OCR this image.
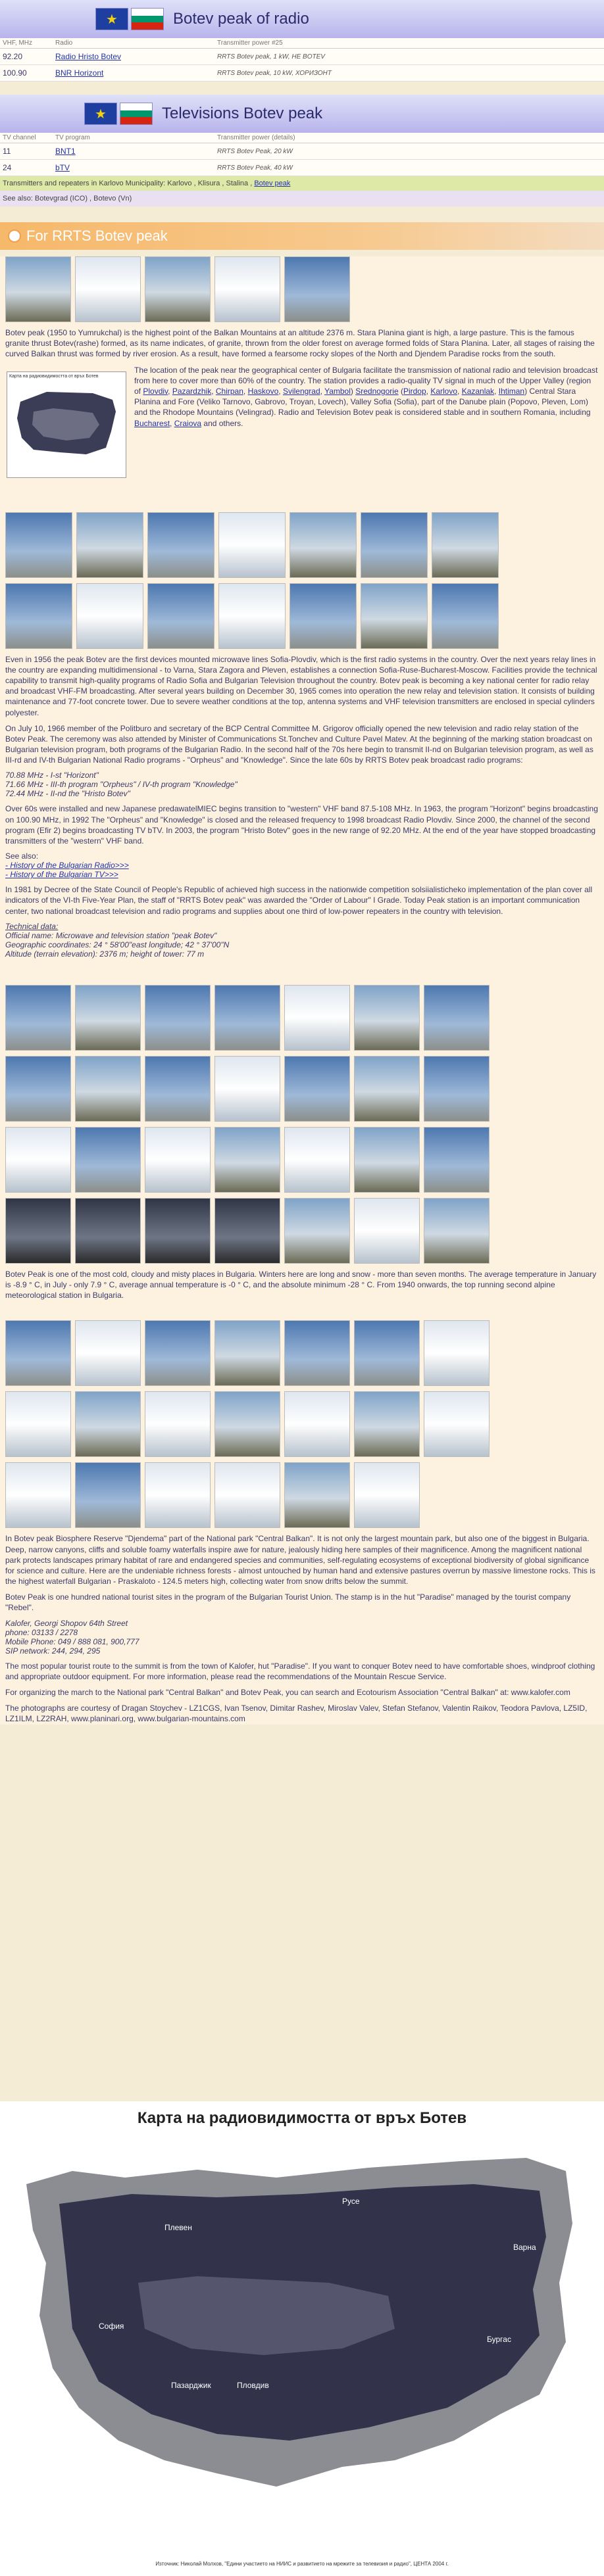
★	Botev peak of radio
VHF, MHz	Radio	Transmitter power #25
92.20	Radio Hristo Botev	RRTS Botev peak, 1 kW, HE BOTEV
100.90	BNR Horizont	RRTS Botev peak, 10 kW, ХОРИЗОНТ
★	Televisions Botev peak
TV channel	TV program	Transmitter power (details)
11	BNT1	RRTS Botev Peak, 20 kW
24	bTV	RRTS Botev Peak, 40 kW
Transmitters and repeaters in Karlovo Municipality: Karlovo , Klisura , Stalina , Botev peak
See also: Botevgrad (ICO) , Botevo (Vn)
For RRTS Botev peak

Botev peak (1950 to Yumrukchal) is the highest point of the Balkan Mountains at an altitude 2376 m. Stara Planina giant is high, a large pasture. This is the famous granite thrust Botev(rashe) formed, as its name indicates, of granite, thrown from the older forest on average formed folds of Stara Planina. Later, all stages of raising the curved Balkan thrust was formed by river erosion. As a result, have formed a fearsome rocky slopes of the North and Djendem Paradise rocks from the south.

Карта на радиовидимостта от връх Ботев

The location of the peak near the geographical center of Bulgaria facilitate the transmission of national radio and television broadcast from here to cover more than 60% of the country. The station provides a radio-quality TV signal in much of the Upper Valley (region of Plovdiv, Pazardzhik, Chirpan, Haskovo, Svilengrad, Yambol) Srednogorie (Pirdop, Karlovo, Kazanlak, Ihtiman) Central Stara Planina and Fore (Veliko Tarnovo, Gabrovo, Troyan, Lovech), Valley Sofia (Sofia), part of the Danube plain (Popovo, Pleven, Lom) and the Rhodope Mountains (Velingrad). Radio and Television Botev peak is considered stable and in southern Romania, including Bucharest, Craiova and others.

Even in 1956 the peak Botev are the first devices mounted microwave lines Sofia-Plovdiv, which is the first radio systems in the country. Over the next years relay lines in the country are expanding multidimensional - to Varna, Stara Zagora and Pleven, establishes a connection Sofia-Ruse-Bucharest-Moscow. Facilities provide the technical capability to transmit high-quality programs of Radio Sofia and Bulgarian Television throughout the country. Botev peak is becoming a key national center for radio relay and broadcast VHF-FM broadcasting. After several years building on December 30, 1965 comes into operation the new relay and television station. It consists of building maintenance and 77-foot concrete tower. Due to severe weather conditions at the top, antenna systems and VHF television transmitters are enclosed in special cylinders polyester.

On July 10, 1966 member of the Politburo and secretary of the BCP Central Committee M. Grigorov officially opened the new television and radio relay station of the Botev Peak. The ceremony was also attended by Minister of Communications St.Tonchev and Culture Pavel Matev. At the beginning of the marking station broadcast on Bulgarian television program, both programs of the Bulgarian Radio. In the second half of the 70s here begin to transmit II-nd on Bulgarian television program, as well as III-rd and IV-th Bulgarian National Radio programs - "Orpheus" and "Knowledge". Since the late 60s by RRTS Botev peak broadcast radio programs:

70.88 MHz - I-st "Horizont"
71.66 MHz - III-th program "Orpheus" / IV-th program "Knowledge"
72.44 MHz - II-nd the "Hristo Botev"

Over 60s were installed and new Japanese predawatelMIEC begins transition to "western" VHF band 87.5-108 MHz. In 1963, the program "Horizont" begins broadcasting on 100.90 MHz, in 1992 The "Orpheus" and "Knowledge" is closed and the released frequency to 1998 broadcast Radio Plovdiv. Since 2000, the channel of the second program (Efir 2) begins broadcasting TV bTV. In 2003, the program "Hristo Botev" goes in the new range of 92.20 MHz. At the end of the year have stopped broadcasting transmitters of the "western" VHF band.

See also:
- History of the Bulgarian Radio>>>
- History of the Bulgarian TV>>>

In 1981 by Decree of the State Council of People's Republic of achieved high success in the nationwide competition solsiialisticheko implementation of the plan cover all indicators of the VI-th Five-Year Plan, the staff of "RRTS Botev peak" was awarded the "Order of Labour" I Grade. Today Peak station is an important communication center, two national broadcast television and radio programs and supplies about one third of low-power repeaters in the country with television.

Technical data:
Official name: Microwave and television station "peak Botev"
Geographic coordinates: 24 ° 58'00"east longitude; 42 ° 37'00"N
Altitude (terrain elevation): 2376 m; height of tower: 77 m

Botev Peak is one of the most cold, cloudy and misty places in Bulgaria. Winters here are long and snow - more than seven months. The average temperature in January is -8.9 ° C, in July - only 7.9 ° C, average annual temperature is -0 ° C, and the absolute minimum -28 ° C. From 1940 onwards, the top running second alpine meteorological station in Bulgaria.

In Botev peak Biosphere Reserve "Djendema" part of the National park "Central Balkan". It is not only the largest mountain park, but also one of the biggest in Bulgaria. Deep, narrow canyons, cliffs and soluble foamy waterfalls inspire awe for nature, jealously hiding here samples of their magnificence. Among the magnificent national park protects landscapes primary habitat of rare and endangered species and communities, self-regulating ecosystems of exceptional biodiversity of global significance for science and culture. Here are the undeniable richness forests - almost untouched by human hand and extensive pastures overrun by massive limestone rocks. This is the highest waterfall Bulgarian - Praskaloto - 124.5 meters high, collecting water from snow drifts below the summit.

Botev Peak is one hundred national tourist sites in the program of the Bulgarian Tourist Union. The stamp is in the hut "Paradise" managed by the tourist company "Rebel".

Kalofer, Georgi Shopov 64th Street
phone: 03133 / 2278
Mobile Phone: 049 / 888 081, 900,777
SIP network: 244, 294, 295

The most popular tourist route to the summit is from the town of Kalofer, hut "Paradise". If you want to conquer Botev need to have comfortable shoes, windproof clothing and appropriate outdoor equipment. For more information, please read the recommendations of the Mountain Rescue Service.

For organizing the march to the National park "Central Balkan" and Botev Peak, you can search and Ecotourism Association "Central Balkan" at: www.kalofer.com

The photographs are courtesy of Dragan Stoychev - LZ1CGS, Ivan Tsenov, Dimitar Rashev, Miroslav Valev, Stefan Stefanov, Valentin Raikov, Teodora Pavlova, LZ5ID, LZ1ILM, LZ2RAH, www.planinari.org, www.bulgarian-mountains.com

Карта на радиовидимостта от връх Ботев
Плевен
Русе
София
Пловдив
Бургас
Варна
Пазарджик
Източник: Николай Молхов, "Едини участието на НИИС и развитието на мрежите за телевизия и радио", ЦЕНТА 2004 г.
